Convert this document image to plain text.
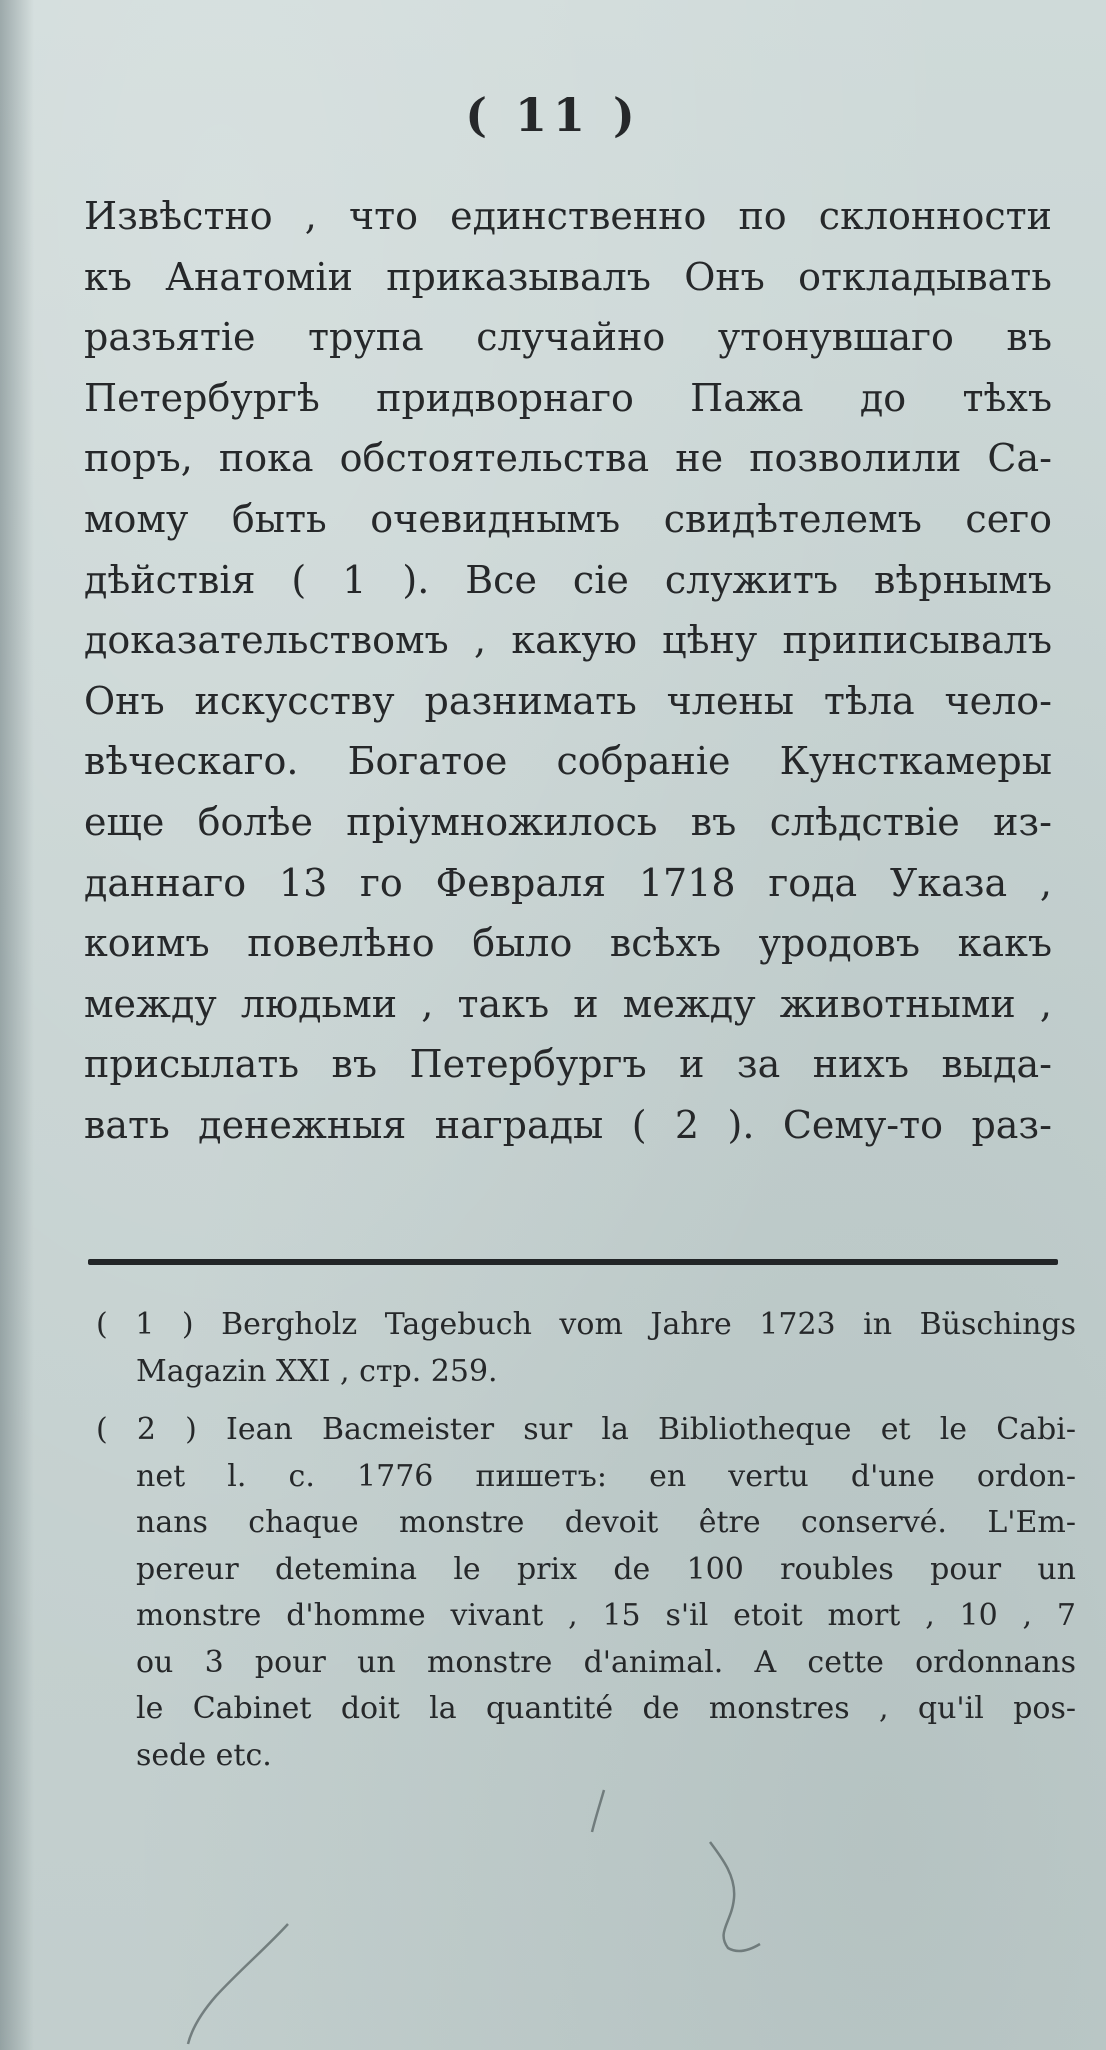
( 11 )
Извѣстно , что единственно по склонности
къ Анатоміи приказывалъ Онъ откладывать
разъятіе трупа случайно утонувшаго въ
Петербургѣ придворнаго Пажа до тѣхъ
поръ, пока обстоятельства не позволили Са-
мому быть очевиднымъ свидѣтелемъ сего
дѣйствія ( 1 ). Все сіе служитъ вѣрнымъ
доказательствомъ , какую цѣну приписывалъ
Онъ искусству разнимать члены тѣла чело-
вѣческаго. Богатое собраніе Кунсткамеры
еще болѣе пріумножилось въ слѣдствіе из-
даннаго 13 го Февраля 1718 года Указа ,
коимъ повелѣно было всѣхъ уродовъ какъ
между людьми , такъ и между животными ,
присылать въ Петербургъ и за нихъ выда-
вать денежныя награды ( 2 ). Сему-то раз-
( 1 ) Bergholz Tagebuch vom Jahre 1723 in Büschings
Magazin XXI , стр. 259.
( 2 ) Iean Bacmeister sur la Bibliotheque et le Cabi-
net l. c. 1776 пишетъ: en vertu d'une ordon-
nans chaque monstre devoit être conservé. L'Em-
pereur detemina le prix de 100 roubles pour un
monstre d'homme vivant , 15 s'il etoit mort , 10 , 7
ou 3 pour un monstre d'animal. A cette ordonnans
le Cabinet doit la quantité de monstres , qu'il pos-
sede etc.
